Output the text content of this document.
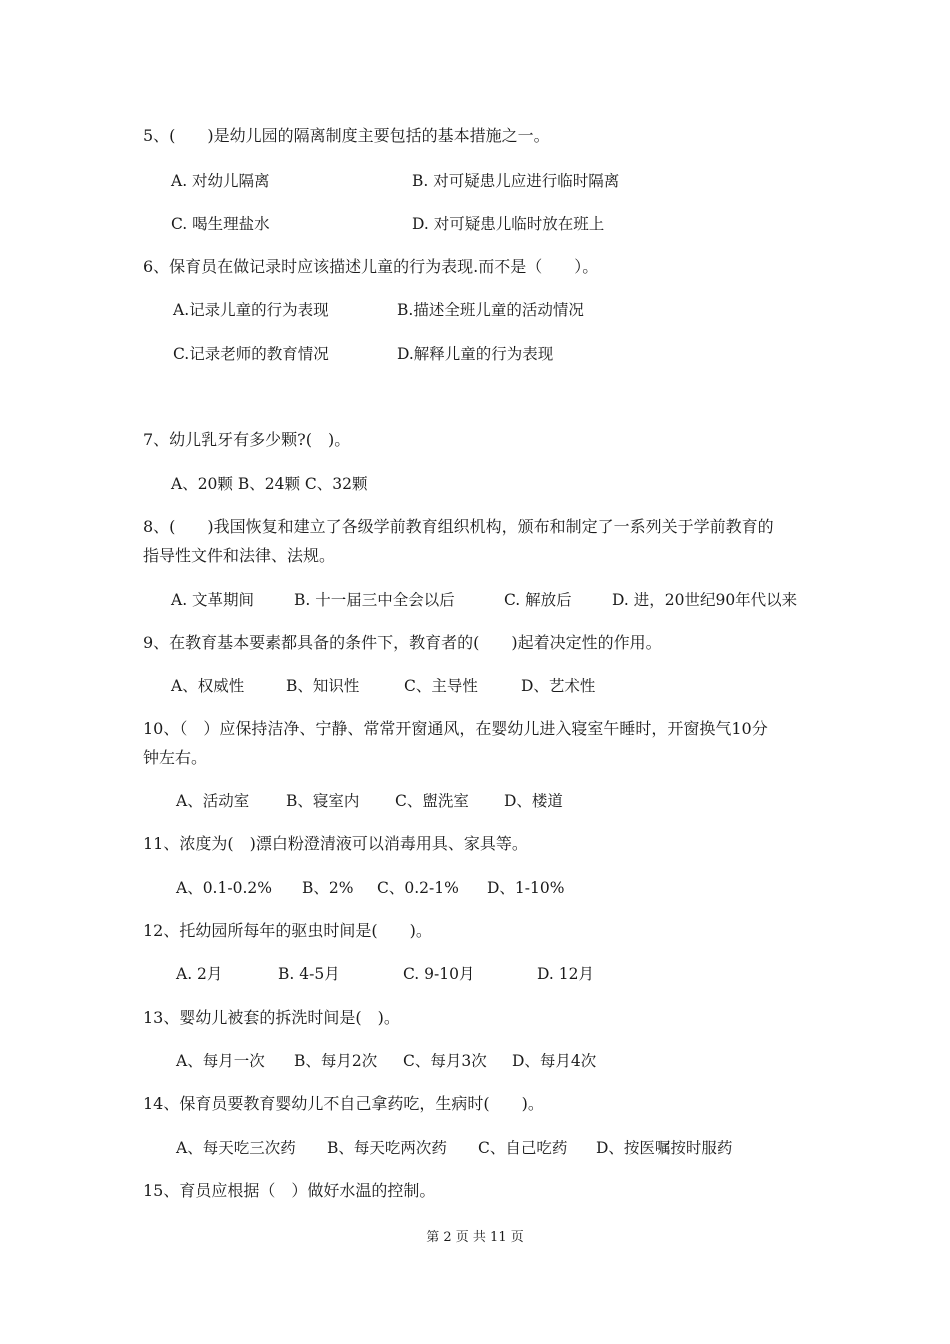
5、(　　)是幼儿园的隔离制度主要包括的基本措施之一。
A. 对幼儿隔离	B. 对可疑患儿应进行临时隔离
C. 喝生理盐水	D. 对可疑患儿临时放在班上
6、保育员在做记录时应该描述儿童的行为表现.而不是（　　）。
A.记录儿童的行为表现	B.描述全班儿童的活动情况
C.记录老师的教育情况	D.解释儿童的行为表现
7、幼儿乳牙有多少颗?(　)。
A、20颗 B、24颗 C、32颗
8、(　　)我国恢复和建立了各级学前教育组织机构，颁布和制定了一系列关于学前教育的
指导性文件和法律、法规。
A. 文革期间	B. 十一届三中全会以后	C. 解放后	D. 进，20世纪90年代以来
9、在教育基本要素都具备的条件下，教育者的(　　)起着决定性的作用。
A、权威性	B、知识性	C、主导性	D、艺术性
10、（　）应保持洁净、宁静、常常开窗通风，在婴幼儿进入寝室午睡时，开窗换气10分
钟左右。
A、活动室 B、寝室内 C、盥洗室 D、楼道
11、浓度为(　)漂白粉澄清液可以消毒用具、家具等。
A、0.1-0.2% B、2% C、0.2-1% D、1-10%
12、托幼园所每年的驱虫时间是(　　)。
A. 2月	B. 4-5月	C. 9-10月	D. 12月
13、婴幼儿被套的拆洗时间是(　)。
A、每月一次 B、每月2次 C、每月3次 D、每月4次
14、保育员要教育婴幼儿不自己拿药吃，生病时(　　)。
A、每天吃三次药 B、每天吃两次药 C、自己吃药 D、按医嘱按时服药
15、育员应根据（　）做好水温的控制。
第 2 页 共 11 页
